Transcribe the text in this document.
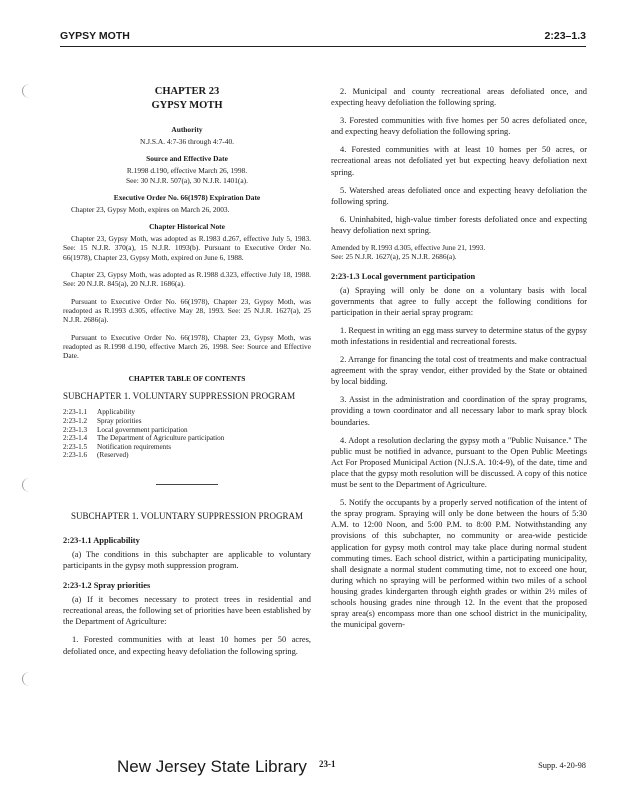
GYPSY MOTH	2:23–1.3

CHAPTER 23

GYPSY MOTH

Authority

N.J.S.A. 4:7-36 through 4:7-40.

Source and Effective Date

R.1998 d.190, effective March 26, 1998.

See: 30 N.J.R. 507(a), 30 N.J.R. 1401(a).

Executive Order No. 66(1978) Expiration Date

Chapter 23, Gypsy Moth, expires on March 26, 2003.

Chapter Historical Note

Chapter 23, Gypsy Moth, was adopted as R.1983 d.267, effective July 5, 1983. See: 15 N.J.R. 370(a), 15 N.J.R. 1093(b). Pursuant to Executive Order No. 66(1978), Chapter 23, Gypsy Moth, expired on June 6, 1988.

Chapter 23, Gypsy Moth, was adopted as R.1988 d.323, effective July 18, 1988. See: 20 N.J.R. 845(a), 20 N.J.R. 1686(a).

Pursuant to Executive Order No. 66(1978), Chapter 23, Gypsy Moth, was readopted as R.1993 d.305, effective May 28, 1993. See: 25 N.J.R. 1627(a), 25 N.J.R. 2686(a).

Pursuant to Executive Order No. 66(1978), Chapter 23, Gypsy Moth, was readopted as R.1998 d.190, effective March 26, 1998. See: Source and Effective Date.

CHAPTER TABLE OF CONTENTS

SUBCHAPTER 1. VOLUNTARY SUPPRESSION PROGRAM

2:23-1.1	Applicability
2:23-1.2	Spray priorities
2:23-1.3	Local government participation
2:23-1.4	The Department of Agriculture participation
2:23-1.5	Notification requirements
2:23-1.6	(Reserved)

SUBCHAPTER 1. VOLUNTARY SUPPRESSION PROGRAM

2:23-1.1 Applicability

(a) The conditions in this subchapter are applicable to voluntary participants in the gypsy moth suppression program.

2:23-1.2 Spray priorities

(a) If it becomes necessary to protect trees in residential and recreational areas, the following set of priorities have been established by the Department of Agriculture:

1. Forested communities with at least 10 homes per 50 acres, defoliated once, and expecting heavy defoliation the following spring.

2. Municipal and county recreational areas defoliated once, and expecting heavy defoliation the following spring.

3. Forested communities with five homes per 50 acres defoliated once, and expecting heavy defoliation the following spring.

4. Forested communities with at least 10 homes per 50 acres, or recreational areas not defoliated yet but expecting heavy defoliation next spring.

5. Watershed areas defoliated once and expecting heavy defoliation the following spring.

6. Uninhabited, high-value timber forests defoliated once and expecting heavy defoliation next spring.

Amended by R.1993 d.305, effective June 21, 1993.

See: 25 N.J.R. 1627(a), 25 N.J.R. 2686(a).

2:23-1.3 Local government participation

(a) Spraying will only be done on a voluntary basis with local governments that agree to fully accept the following conditions for participation in their aerial spray program:

1. Request in writing an egg mass survey to determine status of the gypsy moth infestations in residential and recreational forests.

2. Arrange for financing the total cost of treatments and make contractual agreement with the spray vendor, either provided by the State or obtained by local bidding.

3. Assist in the administration and coordination of the spray programs, providing a town coordinator and all necessary labor to mark spray block boundaries.

4. Adopt a resolution declaring the gypsy moth a "Public Nuisance." The public must be notified in advance, pursuant to the Open Public Meetings Act For Proposed Municipal Action (N.J.S.A. 10:4-9), of the date, time and place that the gypsy moth resolution will be discussed. A copy of this notice must be sent to the Department of Agriculture.

5. Notify the occupants by a properly served notification of the intent of the spray program. Spraying will only be done between the hours of 5:30 A.M. to 12:00 Noon, and 5:00 P.M. to 8:00 P.M. Notwithstanding any provisions of this subchapter, no community or area-wide pesticide application for gypsy moth control may take place during normal student commuting times. Each school district, within a participating municipality, shall designate a normal student commuting time, not to exceed one hour, during which no spraying will be performed within two miles of a school housing grades kindergarten through eighth grades or within 2½ miles of schools housing grades nine through 12. In the event that the proposed spray area(s) encompass more than one school district in the municipality, the municipal govern-

New Jersey State Library 23-1	Supp. 4-20-98
